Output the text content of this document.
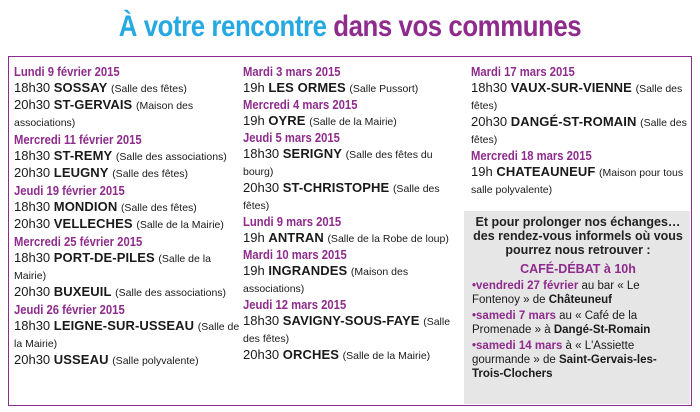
À votre rencontre dans vos communes
Lundi 9 février 2015
18h30 SOSSAY (Salle des fêtes)
20h30 ST-GERVAIS (Maison des associations)
Mercredi 11 février 2015
18h30 ST-REMY (Salle des associations)
20h30 LEUGNY (Salle des fêtes)
Jeudi 19 février 2015
18h30 MONDION (Salle des fêtes)
20h30 VELLECHES (Salle de la Mairie)
Mercredi 25 février 2015
18h30 PORT-DE-PILES (Salle de la Mairie)
20h30 BUXEUIL (Salle des associations)
Jeudi 26 février 2015
18h30 LEIGNE-SUR-USSEAU (Salle de la Mairie)
20h30 USSEAU (Salle polyvalente)
Mardi 3 mars 2015
19h LES ORMES (Salle Pussort)
Mercredi 4 mars 2015
19h OYRE (Salle de la Mairie)
Jeudi 5 mars 2015
18h30 SERIGNY (Salle des fêtes du bourg)
20h30 ST-CHRISTOPHE (Salle des fêtes)
Lundi 9 mars 2015
19h ANTRAN (Salle de la Robe de loup)
Mardi 10 mars 2015
19h INGRANDES (Maison des associations)
Jeudi 12 mars 2015
18h30 SAVIGNY-SOUS-FAYE (Salle des fêtes)
20h30 ORCHES (Salle de la Mairie)
Mardi 17 mars 2015
18h30 VAUX-SUR-VIENNE (Salle des fêtes)
20h30 DANGÉ-ST-ROMAIN (Salle des fêtes)
Mercredi 18 mars 2015
19h CHATEAUNEUF (Maison pour tous salle polyvalente)
Et pour prolonger nos échanges… des rendez-vous informels où vous pourrez nous retrouver :
CAFÉ-DÉBAT à 10h
•vendredi 27 février au bar « Le Fontenoy » de Châteuneuf
•samedi 7 mars au « Café de la Promenade » à Dangé-St-Romain
•samedi 14 mars à « L'Assiette gourmande » de Saint-Gervais-les-Trois-Clochers
